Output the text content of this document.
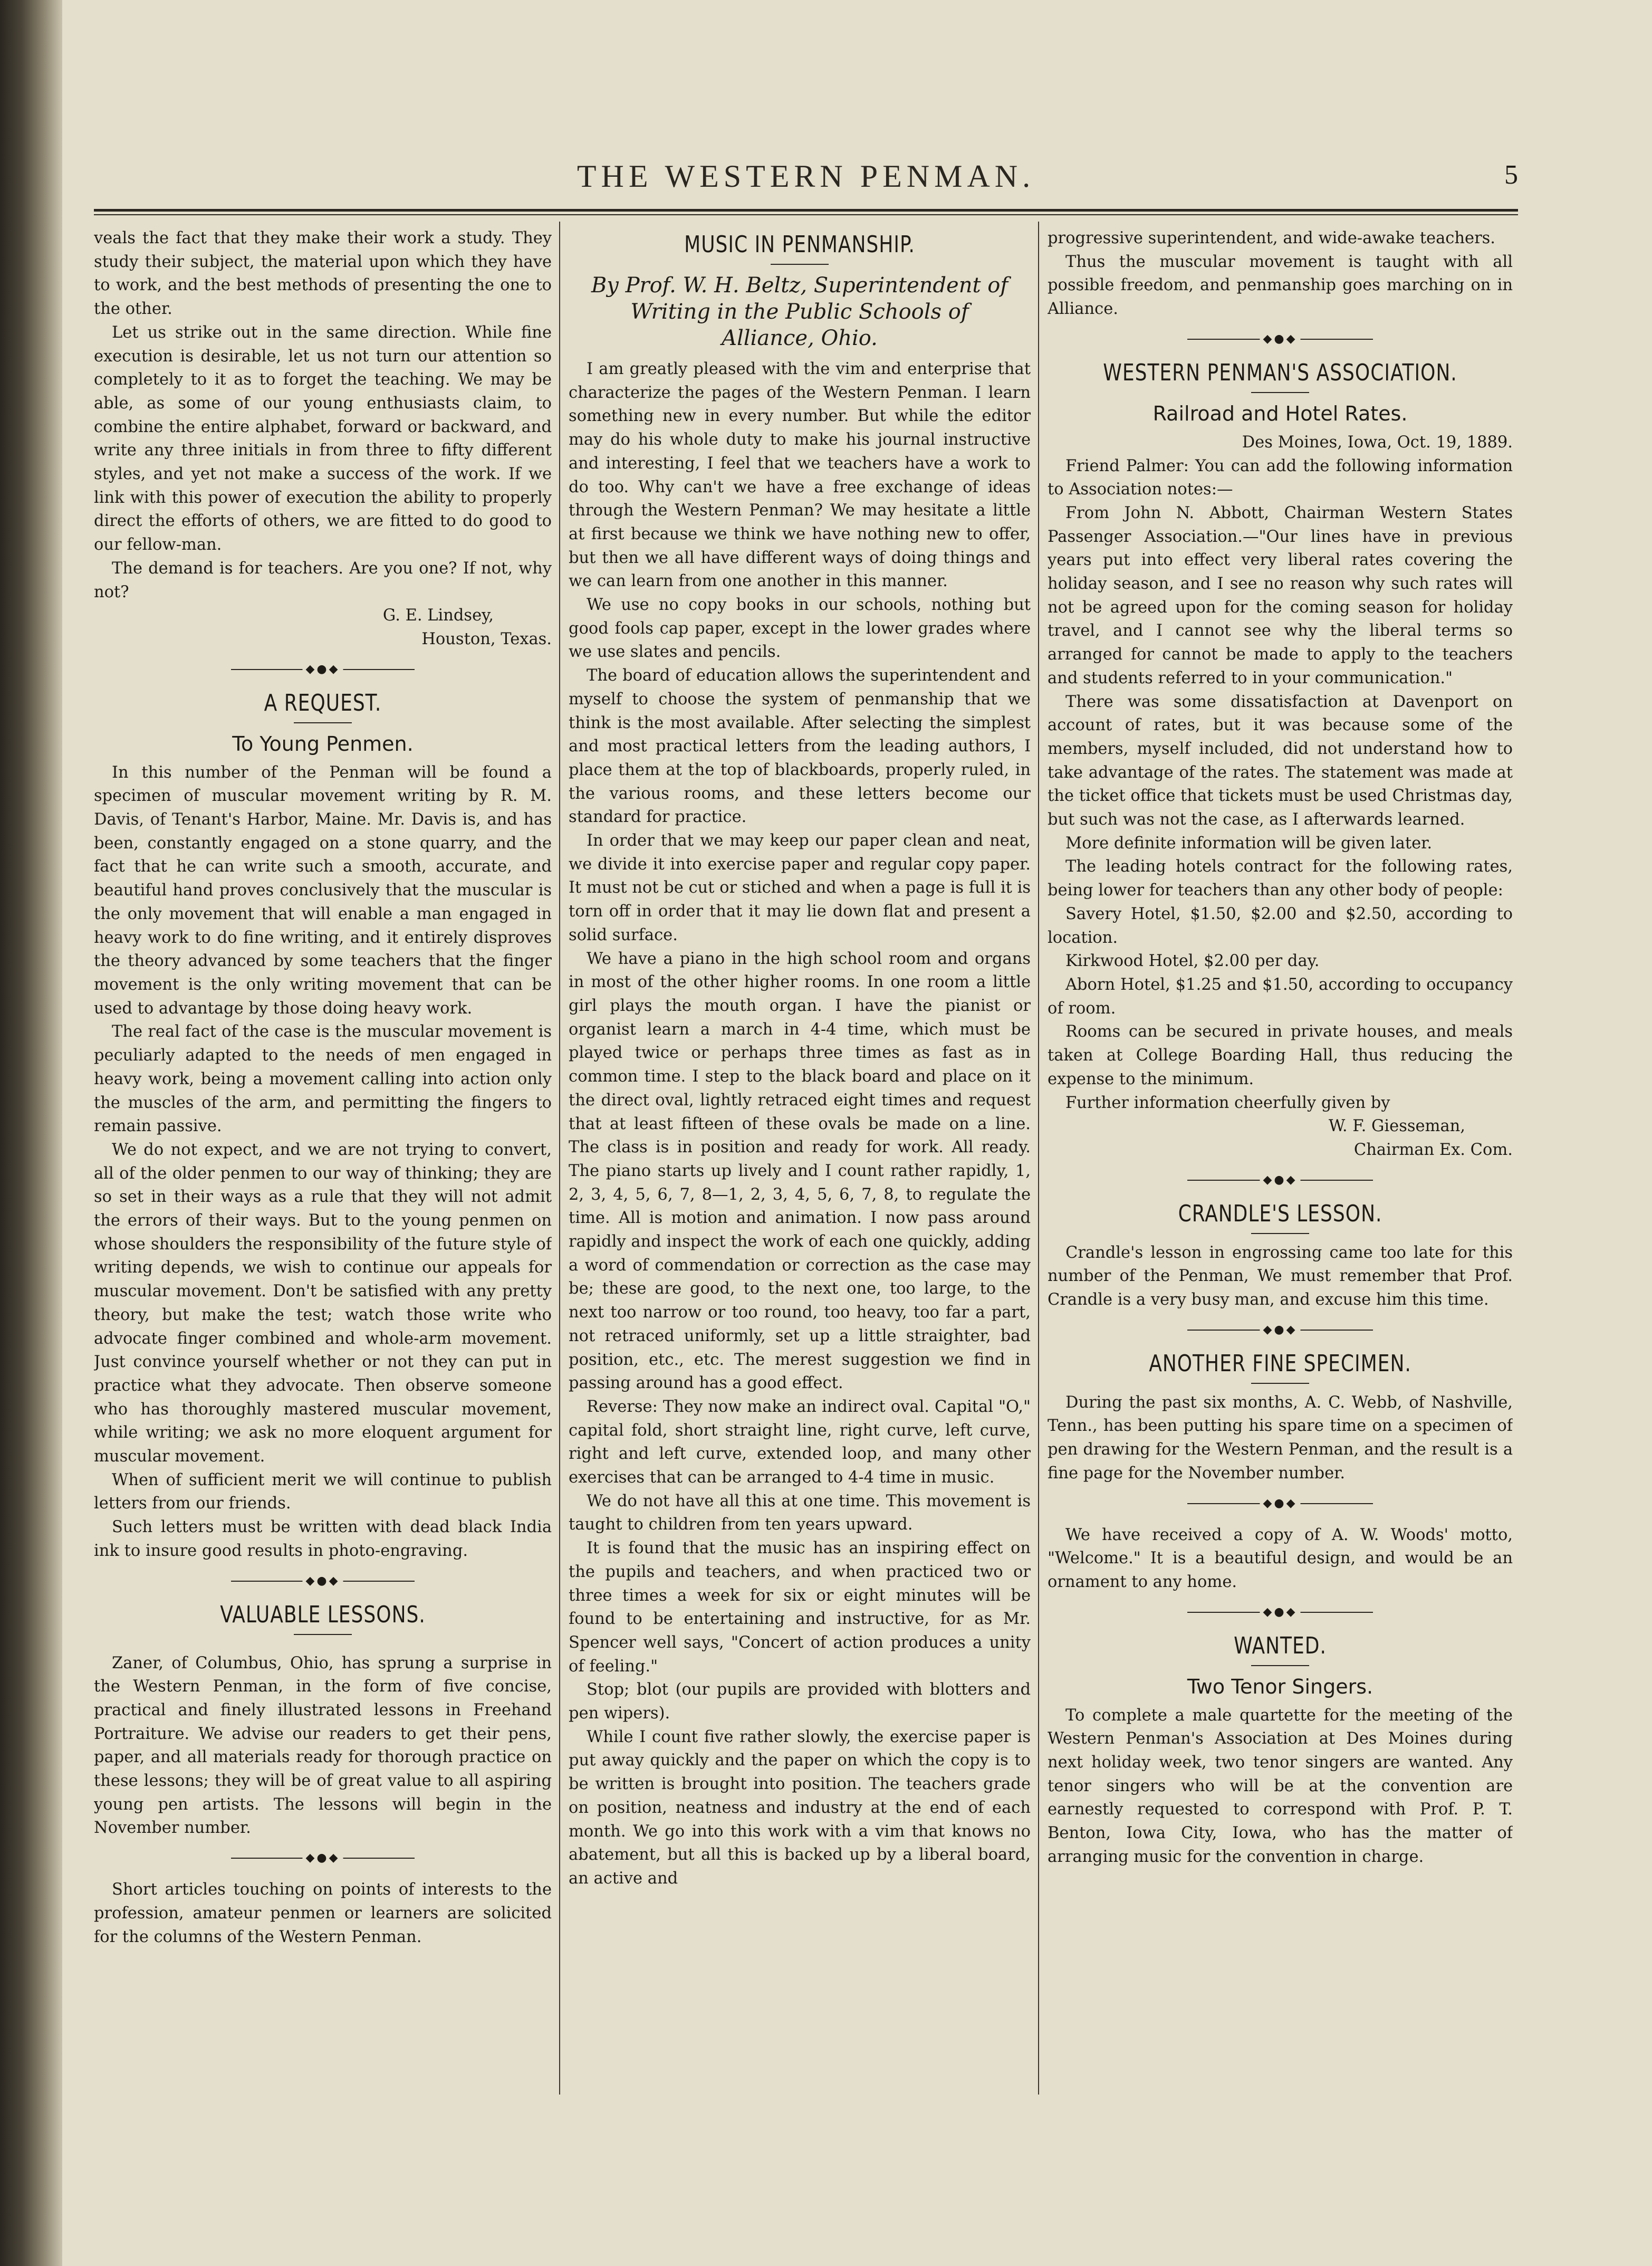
THE WESTERN PENMAN.	5

veals the fact that they make their work a study. They study their subject, the material upon which they have to work, and the best methods of presenting the one to the other.

Let us strike out in the same direction. While fine execution is desirable, let us not turn our attention so completely to it as to forget the teaching. We may be able, as some of our young enthusiasts claim, to combine the entire alphabet, forward or backward, and write any three initials in from three to fifty different styles, and yet not make a success of the work. If we link with this power of execution the ability to properly direct the efforts of others, we are fitted to do good to our fellow-man.

The demand is for teachers. Are you one? If not, why not?

G. E. Lindsey,

Houston, Texas.

◆●◆
A REQUEST.
To Young Penmen.

In this number of the Penman will be found a specimen of muscular movement writing by R. M. Davis, of Tenant's Harbor, Maine. Mr. Davis is, and has been, constantly engaged on a stone quarry, and the fact that he can write such a smooth, accurate, and beautiful hand proves conclusively that the muscular is the only movement that will enable a man engaged in heavy work to do fine writing, and it entirely disproves the theory advanced by some teachers that the finger movement is the only writing movement that can be used to advantage by those doing heavy work.

The real fact of the case is the muscular movement is peculiarly adapted to the needs of men engaged in heavy work, being a movement calling into action only the muscles of the arm, and permitting the fingers to remain passive.

We do not expect, and we are not trying to convert, all of the older penmen to our way of thinking; they are so set in their ways as a rule that they will not admit the errors of their ways. But to the young penmen on whose shoulders the responsibility of the future style of writing depends, we wish to continue our appeals for muscular movement. Don't be satisfied with any pretty theory, but make the test; watch those write who advocate finger combined and whole-arm movement. Just convince yourself whether or not they can put in practice what they advocate. Then observe someone who has thoroughly mastered muscular movement, while writing; we ask no more eloquent argument for muscular movement.

When of sufficient merit we will continue to publish letters from our friends.

Such letters must be written with dead black India ink to insure good results in photo-engraving.

◆●◆
VALUABLE LESSONS.

Zaner, of Columbus, Ohio, has sprung a surprise in the Western Penman, in the form of five concise, practical and finely illustrated lessons in Freehand Portraiture. We advise our readers to get their pens, paper, and all materials ready for thorough practice on these lessons; they will be of great value to all aspiring young pen artists. The lessons will begin in the November number.

◆●◆

Short articles touching on points of interests to the profession, amateur penmen or learners are solicited for the columns of the Western Penman.

MUSIC IN PENMANSHIP.
By Prof. W. H. Beltz, Superintendent of Writing in the Public Schools of Alliance, Ohio.

I am greatly pleased with the vim and enterprise that characterize the pages of the Western Penman. I learn something new in every number. But while the editor may do his whole duty to make his journal instructive and interesting, I feel that we teachers have a work to do too. Why can't we have a free exchange of ideas through the Western Penman? We may hesitate a little at first because we think we have nothing new to offer, but then we all have different ways of doing things and we can learn from one another in this manner.

We use no copy books in our schools, nothing but good fools cap paper, except in the lower grades where we use slates and pencils.

The board of education allows the superintendent and myself to choose the system of penmanship that we think is the most available. After selecting the simplest and most practical letters from the leading authors, I place them at the top of blackboards, properly ruled, in the various rooms, and these letters become our standard for practice.

In order that we may keep our paper clean and neat, we divide it into exercise paper and regular copy paper. It must not be cut or stiched and when a page is full it is torn off in order that it may lie down flat and present a solid surface.

We have a piano in the high school room and organs in most of the other higher rooms. In one room a little girl plays the mouth organ. I have the pianist or organist learn a march in 4-4 time, which must be played twice or perhaps three times as fast as in common time. I step to the black board and place on it the direct oval, lightly retraced eight times and request that at least fifteen of these ovals be made on a line. The class is in position and ready for work. All ready. The piano starts up lively and I count rather rapidly, 1, 2, 3, 4, 5, 6, 7, 8—1, 2, 3, 4, 5, 6, 7, 8, to regulate the time. All is motion and animation. I now pass around rapidly and inspect the work of each one quickly, adding a word of commendation or correction as the case may be; these are good, to the next one, too large, to the next too narrow or too round, too heavy, too far a part, not retraced uniformly, set up a little straighter, bad position, etc., etc. The merest suggestion we find in passing around has a good effect.

Reverse: They now make an indirect oval. Capital "O," capital fold, short straight line, right curve, left curve, right and left curve, extended loop, and many other exercises that can be arranged to 4-4 time in music.

We do not have all this at one time. This movement is taught to children from ten years upward.

It is found that the music has an inspiring effect on the pupils and teachers, and when practiced two or three times a week for six or eight minutes will be found to be entertaining and instructive, for as Mr. Spencer well says, "Concert of action produces a unity of feeling."

Stop; blot (our pupils are provided with blotters and pen wipers).

While I count five rather slowly, the exercise paper is put away quickly and the paper on which the copy is to be written is brought into position. The teachers grade on position, neatness and industry at the end of each month. We go into this work with a vim that knows no abatement, but all this is backed up by a liberal board, an active and

progressive superintendent, and wide-awake teachers.

Thus the muscular movement is taught with all possible freedom, and penmanship goes marching on in Alliance.

◆●◆
WESTERN PENMAN'S ASSOCIATION.
Railroad and Hotel Rates.

Des Moines, Iowa, Oct. 19, 1889.

Friend Palmer: You can add the following information to Association notes:—

From John N. Abbott, Chairman Western States Passenger Association.—"Our lines have in previous years put into effect very liberal rates covering the holiday season, and I see no reason why such rates will not be agreed upon for the coming season for holiday travel, and I cannot see why the liberal terms so arranged for cannot be made to apply to the teachers and students referred to in your communication."

There was some dissatisfaction at Davenport on account of rates, but it was because some of the members, myself included, did not understand how to take advantage of the rates. The statement was made at the ticket office that tickets must be used Christmas day, but such was not the case, as I afterwards learned.

More definite information will be given later.

The leading hotels contract for the following rates, being lower for teachers than any other body of people:

Savery Hotel, $1.50, $2.00 and $2.50, according to location.

Kirkwood Hotel, $2.00 per day.

Aborn Hotel, $1.25 and $1.50, according to occupancy of room.

Rooms can be secured in private houses, and meals taken at College Boarding Hall, thus reducing the expense to the minimum.

Further information cheerfully given by

W. F. Giesseman,

Chairman Ex. Com.

◆●◆
CRANDLE'S LESSON.

Crandle's lesson in engrossing came too late for this number of the Penman, We must remember that Prof. Crandle is a very busy man, and excuse him this time.

◆●◆
ANOTHER FINE SPECIMEN.

During the past six months, A. C. Webb, of Nashville, Tenn., has been putting his spare time on a specimen of pen drawing for the Western Penman, and the result is a fine page for the November number.

◆●◆

We have received a copy of A. W. Woods' motto, "Welcome." It is a beautiful design, and would be an ornament to any home.

◆●◆
WANTED.
Two Tenor Singers.

To complete a male quartette for the meeting of the Western Penman's Association at Des Moines during next holiday week, two tenor singers are wanted. Any tenor singers who will be at the convention are earnestly requested to correspond with Prof. P. T. Benton, Iowa City, Iowa, who has the matter of arranging music for the convention in charge.
